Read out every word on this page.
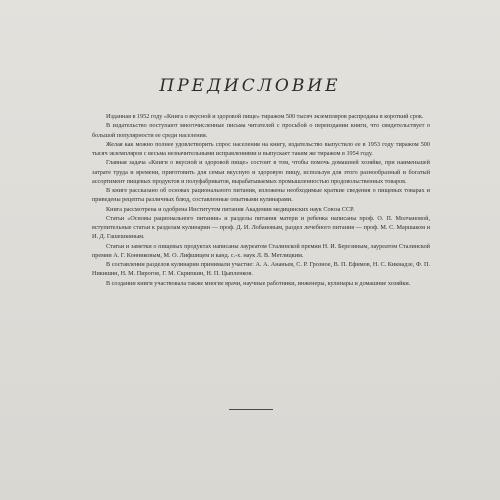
ПРЕДИСЛОВИЕ

Изданная в 1952 году «Книга о вкусной и здоровой пище» тиражом 500 тысяч экземпляров распродана в короткий срок.

В издательство поступают многочисленные письма читателей с просьбой о переиздании книги, что свидетельствует о большой популярности ее среди населения.

Желая как можно полнее удовлетворить спрос населения на книгу, издательство выпустило ее в 1953 году тиражом 500 тысяч экземпляров с весьма незначительными исправлениями и выпускает таким же тиражом в 1954 году.

Главная задача «Книги о вкусной и здоровой пище» состоит в том, чтобы помочь домашней хозяйке, при наименьшей затрате труда и времени, приготовить для семьи вкусную и здоровую пищу, используя для этого разнообразный и богатый ассортимент пищевых продуктов и полуфабрикатов, вырабатываемых промышленностью продовольственных товаров.

В книге рассказано об основах рационального питания, изложены необходимые краткие сведения о пищевых товарах и приведены рецепты различных блюд, составленные опытными кулинарами.

Книга рассмотрена и одобрена Институтом питания Академии медицинских наук Союза ССР.

Статьи «Основы рационального питания» и разделы питания матери и ребенка написаны проф. О. П. Молчановой, вступительные статьи к разделам кулинарии — проф. Д. И. Лобановым, раздел лечебного питания — проф. М. С. Маршаком и И. Д. Гашешкиным.

Статьи и заметки о пищевых продуктах написаны лауреатом Сталинской премии Н. И. Березиным, лауреатом Сталинской премии А. Г. Конниковым, М. О. Лифшицем и канд. с.-х. наук Л. В. Метлицким.

В составлении разделов кулинарии принимали участие: А. А. Ананьев, С. Р. Грозное, В. П. Ефимов, Н. С. Кикнадзе, Ф. П. Никишин, Н. М. Пирогов, Г. М. Скрипкин, Н. П. Цыпленков.

В создании книги участвовала также многие врачи, научные работники, инженеры, кулинары и домашние хозяйки.
